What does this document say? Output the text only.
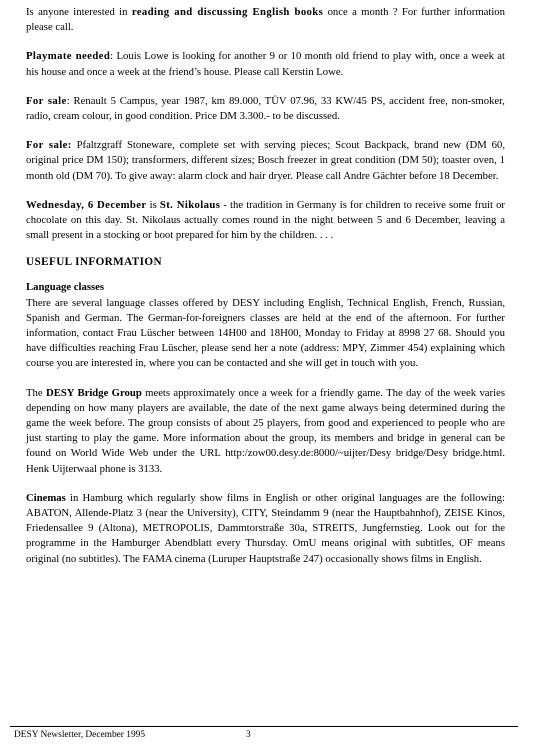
Is anyone interested in reading and discussing English books once a month ? For further information please call.

Playmate needed: Louis Lowe is looking for another 9 or 10 month old friend to play with, once a week at his house and once a week at the friend’s house. Please call Kerstin Lowe.

For sale: Renault 5 Campus, year 1987, km 89.000, TÜV 07.96, 33 KW/45 PS, accident free, non-smoker, radio, cream colour, in good condition. Price DM 3.300.- to be discussed.

For sale: Pfaltzgraff Stoneware, complete set with serving pieces; Scout Backpack, brand new (DM 60, original price DM 150); transformers, different sizes; Bosch freezer in great condition (DM 50); toaster oven, 1 month old (DM 70). To give away: alarm clock and hair dryer. Please call Andre Gächter before 18 December.

Wednesday, 6 December is St. Nikolaus - the tradition in Germany is for children to receive some fruit or chocolate on this day. St. Nikolaus actually comes round in the night between 5 and 6 December, leaving a small present in a stocking or boot prepared for him by the children. . . .

USEFUL INFORMATION

Language classes
There are several language classes offered by DESY including English, Technical English, French, Russian, Spanish and German. The German-for-foreigners classes are held at the end of the afternoon. For further information, contact Frau Lüscher between 14H00 and 18H00, Monday to Friday at 8998 27 68. Should you have difficulties reaching Frau Lüscher, please send her a note (address: MPY, Zimmer 454) explaining which course you are interested in, where you can be contacted and she will get in touch with you.

The DESY Bridge Group meets approximately once a week for a friendly game. The day of the week varies depending on how many players are available, the date of the next game always being determined during the game the week before. The group consists of about 25 players, from good and experienced to people who are just starting to play the game. More information about the group, its members and bridge in general can be found on World Wide Web under the URL http:/zow00.desy.de:8000/~uijter/Desy bridge/Desy bridge.html. Henk Uijterwaal phone is 3133.

Cinemas in Hamburg which regularly show films in English or other original languages are the following: ABATON, Allende-Platz 3 (near the University), CITY, Steindamm 9 (near the Hauptbahnhof), ZEISE Kinos, Friedensallee 9 (Altona), METROPOLIS, Dammtorstraße 30a, STREITS, Jungfernstieg. Look out for the programme in the Hamburger Abendblatt every Thursday. OmU means original with subtitles, OF means original (no subtitles). The FAMA cinema (Luruper Hauptstraße 247) occasionally shows films in English.

DESY Newsletter, December 1995	3
